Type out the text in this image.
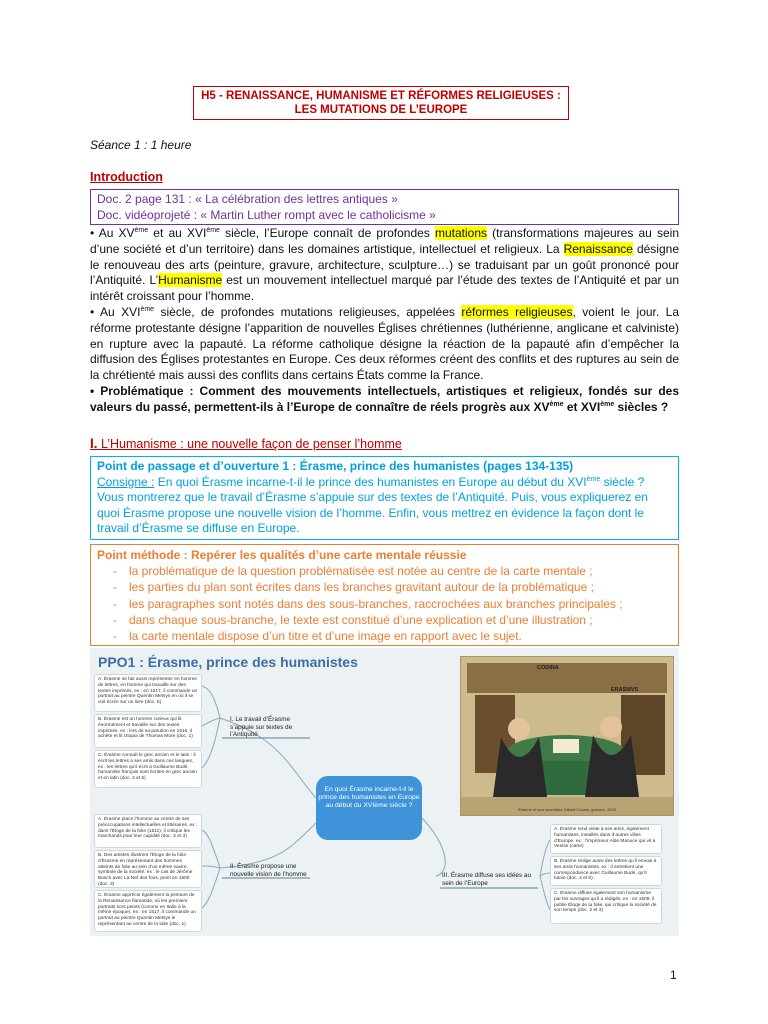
H5 - RENAISSANCE, HUMANISME ET RÉFORMES RELIGIEUSES :
LES MUTATIONS DE L’EUROPE
Séance 1 : 1 heure
Introduction
Doc. 2 page 131 : « La célébration des lettres antiques »
Doc. vidéoprojeté : « Martin Luther rompt avec le catholicisme »

• Au XVème et au XVIème siècle, l’Europe connaît de profondes mutations (transformations majeures au sein d’une société et d’un territoire) dans les domaines artistique, intellectuel et religieux. La Renaissance désigne le renouveau des arts (peinture, gravure, architecture, sculpture…) se traduisant par un goût prononcé pour l’Antiquité. L’Humanisme est un mouvement intellectuel marqué par l’étude des textes de l’Antiquité et par un intérêt croissant pour l’homme.

• Au XVIème siècle, de profondes mutations religieuses, appelées réformes religieuses, voient le jour. La réforme protestante désigne l’apparition de nouvelles Églises chrétiennes (luthérienne, anglicane et calviniste) en rupture avec la papauté. La réforme catholique désigne la réaction de la papauté afin d’empêcher la diffusion des Églises protestantes en Europe. Ces deux réformes créent des conflits et des ruptures au sein de la chrétienté mais aussi des conflits dans certains États comme la France.

• Problématique : Comment des mouvements intellectuels, artistiques et religieux, fondés sur des valeurs du passé, permettent-ils à l’Europe de connaître de réels progrès aux XVème et XVIème siècles ?

I. L’Humanisme : une nouvelle façon de penser l’homme
Point de passage et d’ouverture 1 : Érasme, prince des humanistes (pages 134-135)
Consigne : En quoi Érasme incarne-t-il le prince des humanistes en Europe au début du XVIème siècle ? Vous montrerez que le travail d’Érasme s’appuie sur des textes de l’Antiquité. Puis, vous expliquerez en quoi Érasme propose une nouvelle vision de l’homme. Enfin, vous mettrez en évidence la façon dont le travail d’Érasme se diffuse en Europe.
Point méthode : Repérer les qualités d’une carte mentale réussie
- la problématique de la question problématisée est notée au centre de la carte mentale ;
- les parties du plan sont écrites dans les branches gravitant autour de la problématique ;
- les paragraphes sont notés dans des sous-branches, raccrochées aux branches principales ;
- dans chaque sous-branche, le texte est constitué d’une explication et d’une illustration ;
- la carte mentale dispose d’un titre et d’une image en rapport avec le sujet.
PPO1 : Érasme, prince des humanistes
A. Érasme se fait aussi représenter en homme de lettres, en homme qui travaille sur des textes imprimés, ex : en 1517, il commande un portrait au peintre Quentin Metsys en où il se voit écrire sur un livre (doc. 5)
B. Érasme est un homme curieux qui lit énormément et travaille sur des textes imprimés. ex : lors de sa parution en 1516, il achète et lit Utopia de Thomas More (doc. 1)
C. Érasme connaît le grec ancien et le latin : il écrit les lettres à ses amis dans ces langues, ex : les lettres qu’il écrit à Guillaume Budé, humaniste français sont écrites en grec ancien et en latin (doc. 4 et 5)
A. Érasme place l’homme au centre de ses préoccupations intellectuelles et littéraires. ex : dans l’Éloge de la folie (1511), il critique les marchands pour leur cupidité (doc. 2 et 3)
B. Des artistes illustrent l’Éloge de la folie d’Érasme en représentant des hommes atteints de folie au sein d’un même navire, symbole de la société. ex : le cas de Jérôme Bosch avec La Nef des fous, peint en 1500 (doc. 3)
C. Érasme apprécie également la peinture de la Renaissance flamande, où les premiers portraits sont peints (comme en Italie à la même époque). ex : en 1517, il commande un portrait au peintre Quentin Metsys le représentant au centre de la toile (doc. 1)
I. Le travail d’Érasme s’appuie sur textes de l’Antiquité
II. Érasme propose une nouvelle vision de l’homme	III. Érasme diffuse ses idées au sein de l’Europe
En quoi Érasme incarne-t-il le prince des humanistes en Europe au début du XVIème siècle ?
A. Érasme rend visite à ses amis, également humanistes, installés dans d’autres villes d’Europe. ex : l’imprimeur Alde Manuce qui vit à Venise (carte)
B. Érasme rédige aussi des lettres qu’il envoie à ses amis humanistes. ex : il entretient une correspondance avec Guillaume Budé, qu’il tutoie (doc. 4 et 5)
C. Érasme diffuse également son humanisme par les ouvrages qu’il a rédigés. ex : en 1509, il publie Éloge de la folie, qui critique la société de son temps (doc. 2 et 3)
CODINA
ERASMVS
Érasme et son secrétaire Gilbert Cousin, gravure, 1533
1
